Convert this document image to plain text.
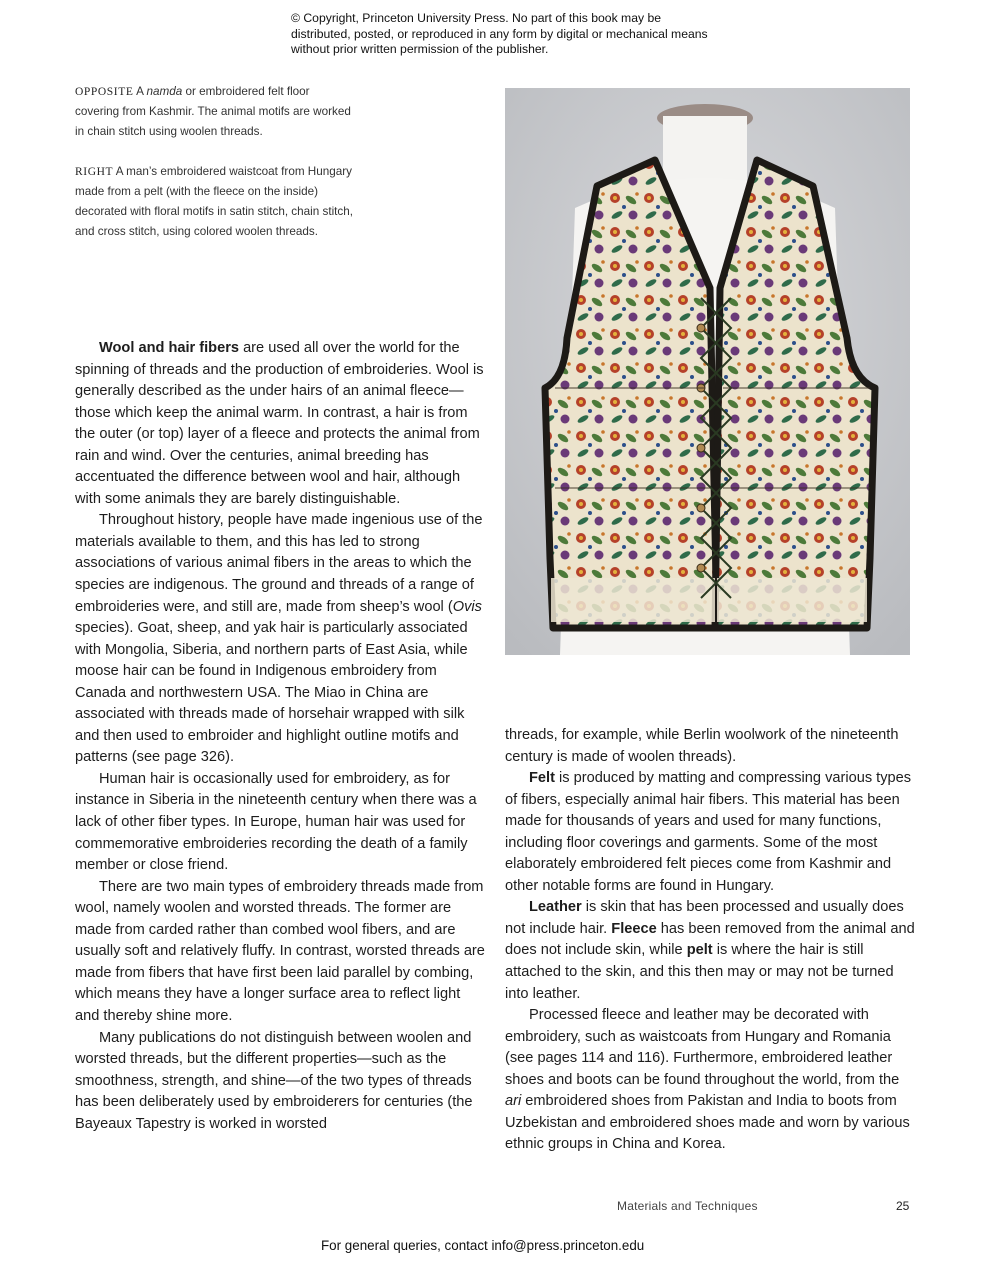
© Copyright, Princeton University Press. No part of this book may be distributed, posted, or reproduced in any form by digital or mechanical means without prior written permission of the publisher.

OPPOSITE A namda or embroidered felt floor covering from Kashmir. The animal motifs are worked in chain stitch using woolen threads.

RIGHT A man’s embroidered waistcoat from Hungary made from a pelt (with the fleece on the inside) decorated with floral motifs in satin stitch, chain stitch, and cross stitch, using colored woolen threads.

Wool and hair fibers are used all over the world for the spinning of threads and the production of embroideries. Wool is generally described as the under hairs of an animal fleece—those which keep the animal warm. In contrast, a hair is from the outer (or top) layer of a fleece and protects the animal from rain and wind. Over the centuries, animal breeding has accentuated the difference between wool and hair, although with some animals they are barely distinguishable.

Throughout history, people have made ingenious use of the materials available to them, and this has led to strong associations of various animal fibers in the areas to which the species are indigenous. The ground and threads of a range of embroideries were, and still are, made from sheep’s wool (Ovis species). Goat, sheep, and yak hair is particularly associated with Mongolia, Siberia, and northern parts of East Asia, while moose hair can be found in Indigenous embroidery from Canada and northwestern USA. The Miao in China are associated with threads made of horsehair wrapped with silk and then used to embroider and highlight outline motifs and patterns (see page 326).

Human hair is occasionally used for embroidery, as for instance in Siberia in the nineteenth century when there was a lack of other fiber types. In Europe, human hair was used for commemorative embroideries recording the death of a family member or close friend.

There are two main types of embroidery threads made from wool, namely woolen and worsted threads. The former are made from carded rather than combed wool fibers, and are usually soft and relatively fluffy. In contrast, worsted threads are made from fibers that have first been laid parallel by combing, which means they have a longer surface area to reflect light and thereby shine more.

Many publications do not distinguish between woolen and worsted threads, but the different properties—such as the smoothness, strength, and shine—of the two types of threads has been deliberately used by embroiderers for centuries (the Bayeaux Tapestry is worked in worsted

threads, for example, while Berlin woolwork of the nineteenth century is made of woolen threads).

Felt is produced by matting and compressing various types of fibers, especially animal hair fibers. This material has been made for thousands of years and used for many functions, including floor coverings and garments. Some of the most elaborately embroidered felt pieces come from Kashmir and other notable forms are found in Hungary.

Leather is skin that has been processed and usually does not include hair. Fleece has been removed from the animal and does not include skin, while pelt is where the hair is still attached to the skin, and this then may or may not be turned into leather.

Processed fleece and leather may be decorated with embroidery, such as waistcoats from Hungary and Romania (see pages 114 and 116). Furthermore, embroidered leather shoes and boots can be found throughout the world, from the ari embroidered shoes from Pakistan and India to boots from Uzbekistan and embroidered shoes made and worn by various ethnic groups in China and Korea.

Materials and Techniques	25
For general queries, contact info@press.princeton.edu
